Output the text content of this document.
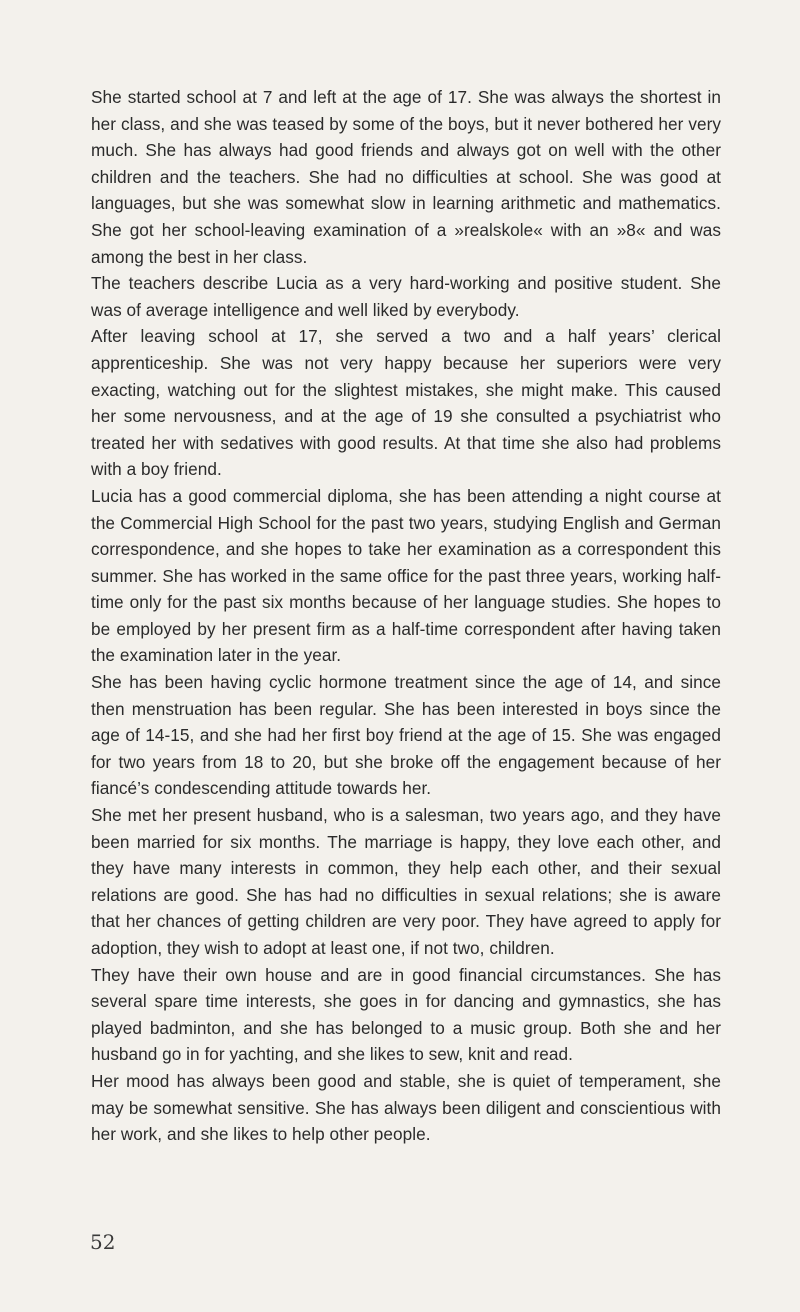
She started school at 7 and left at the age of 17. She was always the shortest in her class, and she was teased by some of the boys, but it never bothered her very much. She has always had good friends and always got on well with the other children and the teachers. She had no difficulties at school. She was good at languages, but she was somewhat slow in learning arithmetic and mathematics. She got her school-leaving examination of a »realskole« with an »8« and was among the best in her class.

The teachers describe Lucia as a very hard-working and positive student. She was of average intelligence and well liked by everybody.

After leaving school at 17, she served a two and a half years’ clerical apprenticeship. She was not very happy because her superiors were very exacting, watching out for the slightest mistakes, she might make. This caused her some nervousness, and at the age of 19 she consulted a psychiatrist who treated her with sedatives with good results. At that time she also had problems with a boy friend.

Lucia has a good commercial diploma, she has been attending a night course at the Commercial High School for the past two years, studying English and German correspondence, and she hopes to take her examination as a correspondent this summer. She has worked in the same office for the past three years, working half-time only for the past six months because of her language studies. She hopes to be employed by her present firm as a half-time correspondent after having taken the examination later in the year.

She has been having cyclic hormone treatment since the age of 14, and since then menstruation has been regular. She has been interested in boys since the age of 14-15, and she had her first boy friend at the age of 15. She was engaged for two years from 18 to 20, but she broke off the engagement because of her fiancé’s condescending attitude towards her.

She met her present husband, who is a salesman, two years ago, and they have been married for six months. The marriage is happy, they love each other, and they have many interests in common, they help each other, and their sexual relations are good. She has had no difficulties in sexual relations; she is aware that her chances of getting children are very poor. They have agreed to apply for adoption, they wish to adopt at least one, if not two, children.

They have their own house and are in good financial circumstances. She has several spare time interests, she goes in for dancing and gymnastics, she has played badminton, and she has belonged to a music group. Both she and her husband go in for yachting, and she likes to sew, knit and read.

Her mood has always been good and stable, she is quiet of temperament, she may be somewhat sensitive. She has always been diligent and conscientious with her work, and she likes to help other people.

52
